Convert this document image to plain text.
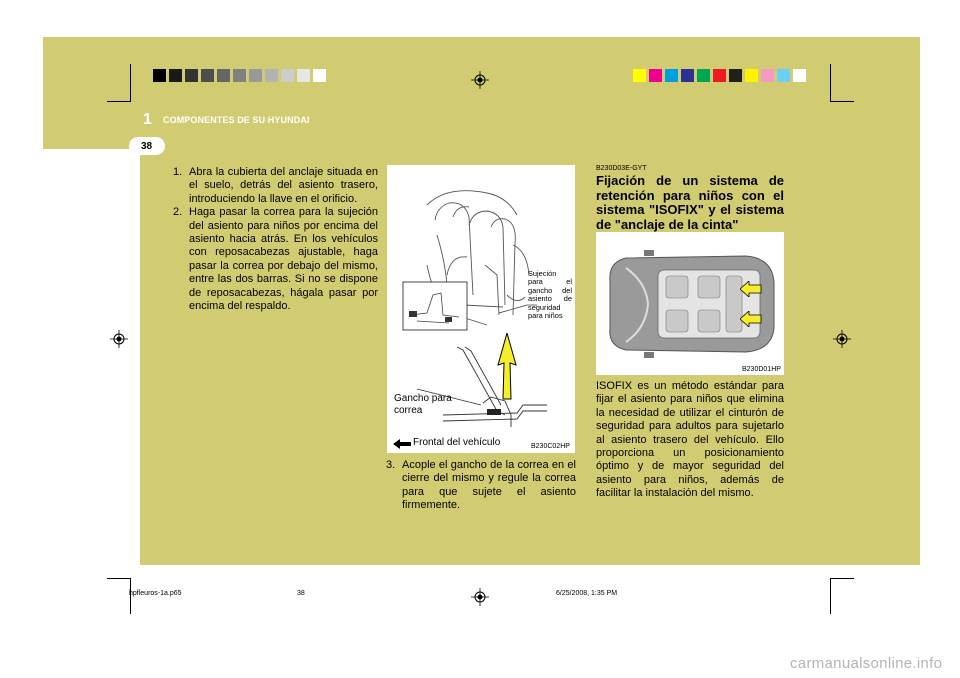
1 COMPONENTES DE SU HYUNDAI
38
1. Abra la cubierta del anclaje situada en el suelo, detrás del asiento trasero, introduciendo la llave en el orificio.
2. Haga pasar la correa para la sujeción del asiento para niños por encima del asiento hacia atrás. En los vehículos con reposacabezas ajustable, haga pasar la correa por debajo del mismo, entre las dos barras. Si no se dispone de reposacabezas, hágala pasar por encima del respaldo.
Sujeción para el gancho del asiento de seguridad para niños
Gancho para correa
Frontal del vehículo	B230C02HP
3. Acople el gancho de la correa en el cierre del mismo y regule la correa para que sujete el asiento firmemente.
B230D03E-GYT
Fijación de un sistema de retención para niños con el sistema "ISOFIX" y el sistema de "anclaje de la cinta"
B230D01HP
ISOFIX es un método estándar para fijar el asiento para niños que elimina la necesidad de utilizar el cinturón de seguridad para adultos para sujetarlo al asiento trasero del vehículo. Ello proporciona un posicionamiento óptimo y de mayor seguridad del asiento para niños, además de facilitar la instalación del mismo.
hpfleuros-1a.p65	38	6/25/2008, 1:35 PM
carmanualsonline.info
